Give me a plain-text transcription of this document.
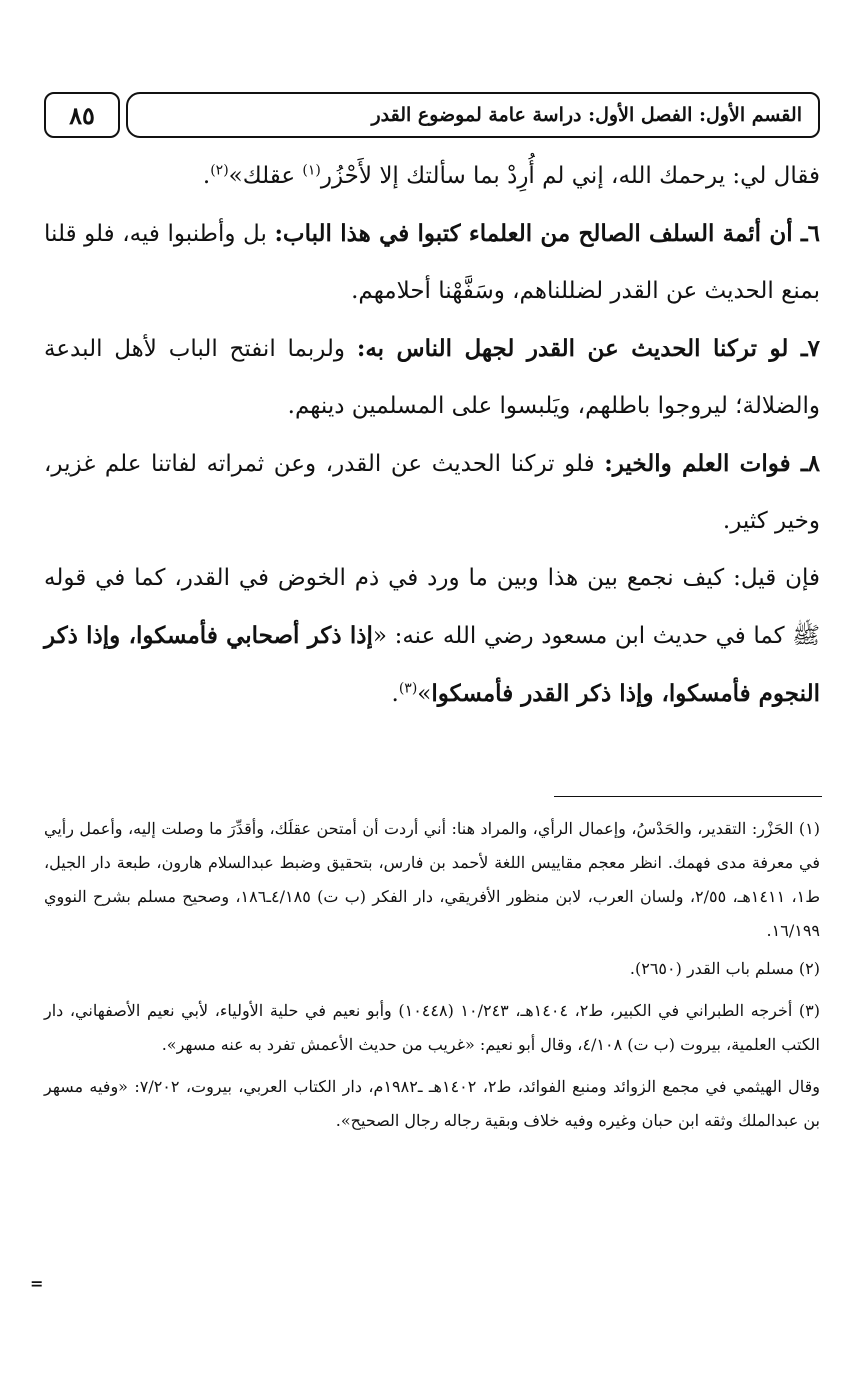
٨٥	القسم الأول: الفصل الأول: دراسة عامة لموضوع القدر

فقال لي: يرحمك الله، إني لم أُرِدْ بما سألتك إلا لأَحْزُر$^{(١)}$ عقلك»$^{(٢)}$.

٦ـ أن أئمة السلف الصالح من العلماء كتبوا في هذا الباب: بل وأطنبوا فيه، فلو قلنا بمنع الحديث عن القدر لضللناهم، وسَفَّهْنا أحلامهم.

٧ـ لو تركنا الحديث عن القدر لجهل الناس به: ولربما انفتح الباب لأهل البدعة والضلالة؛ ليروجوا باطلهم، ويَلبسوا على المسلمين دينهم.

٨ـ فوات العلم والخير: فلو تركنا الحديث عن القدر، وعن ثمراته لفاتنا علم غزير، وخير كثير.

فإن قيل: كيف نجمع بين هذا وبين ما ورد في ذم الخوض في القدر، كما في قوله ﷺ كما في حديث ابن مسعود رضي الله عنه: «إذا ذكر أصحابي فأمسكوا، وإذا ذكر النجوم فأمسكوا، وإذا ذكر القدر فأمسكوا»$^{(٣)}$.

(١) الحَزْر: التقدير، والحَدْسُ، وإعمال الرأي، والمراد هنا: أني أردت أن أمتحن عقلَك، وأقدِّرَ ما وصلت إليه، وأعمل رأيي في معرفة مدى فهمك. انظر معجم مقاييس اللغة لأحمد بن فارس، بتحقيق وضبط عبدالسلام هارون، طبعة دار الجيل، ط١، ١٤١١هـ، ٢/٥٥، ولسان العرب، لابن منظور الأفريقي، دار الفكر (ب ت) ٤/١٨٥ـ١٨٦، وصحيح مسلم بشرح النووي ١٦/١٩٩.

(٢) مسلم باب القدر (٢٦٥٠).

(٣) أخرجه الطبراني في الكبير، ط٢، ١٤٠٤هـ، ١٠/٢٤٣ (١٠٤٤٨) وأبو نعيم في حلية الأولياء، لأبي نعيم الأصفهاني، دار الكتب العلمية، بيروت (ب ت) ٤/١٠٨، وقال أبو نعيم: «غريب من حديث الأعمش تفرد به عنه مسهر».

وقال الهيثمي في مجمع الزوائد ومنبع الفوائد، ط٢، ١٤٠٢هـ ـ١٩٨٢م، دار الكتاب العربي، بيروت، ٧/٢٠٢: «وفيه مسهر بن عبدالملك وثقه ابن حبان وغيره وفيه خلاف وبقية رجاله رجال الصحيح».

=
